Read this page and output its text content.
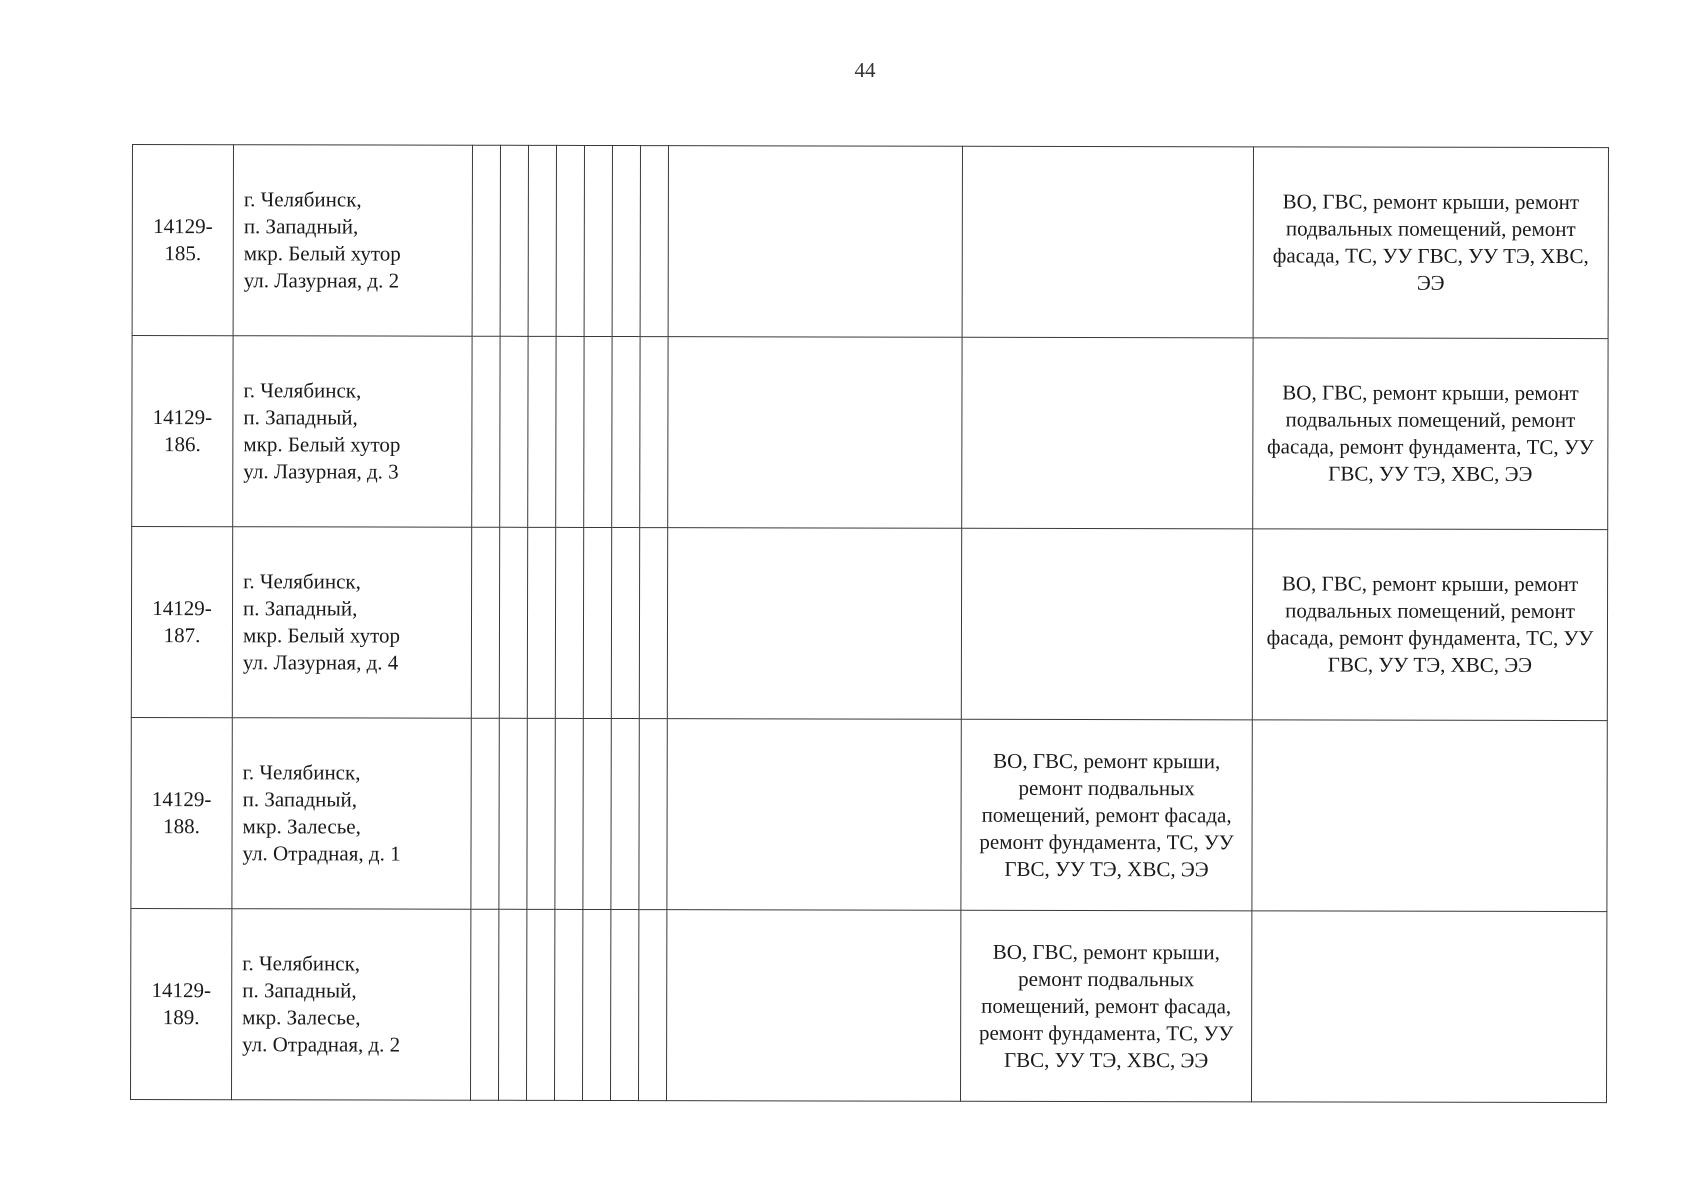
44
14129-
185.	г. Челябинск,
п. Западный,
мкр. Белый хутор
ул. Лазурная, д. 2										ВО, ГВС, ремонт крыши, ремонт подвальных помещений, ремонт фасада, ТС, УУ ГВС, УУ ТЭ, ХВС, ЭЭ
14129-
186.	г. Челябинск,
п. Западный,
мкр. Белый хутор
ул. Лазурная, д. 3										ВО, ГВС, ремонт крыши, ремонт подвальных помещений, ремонт фасада, ремонт фундамента, ТС, УУ ГВС, УУ ТЭ, ХВС, ЭЭ
14129-
187.	г. Челябинск,
п. Западный,
мкр. Белый хутор
ул. Лазурная, д. 4										ВО, ГВС, ремонт крыши, ремонт подвальных помещений, ремонт фасада, ремонт фундамента, ТС, УУ ГВС, УУ ТЭ, ХВС, ЭЭ
14129-
188.	г. Челябинск,
п. Западный,
мкр. Залесье,
ул. Отрадная, д. 1									ВО, ГВС, ремонт крыши, ремонт подвальных помещений, ремонт фасада, ремонт фундамента, ТС, УУ ГВС, УУ ТЭ, ХВС, ЭЭ	
14129-
189.	г. Челябинск,
п. Западный,
мкр. Залесье,
ул. Отрадная, д. 2									ВО, ГВС, ремонт крыши, ремонт подвальных помещений, ремонт фасада, ремонт фундамента, ТС, УУ ГВС, УУ ТЭ, ХВС, ЭЭ	
